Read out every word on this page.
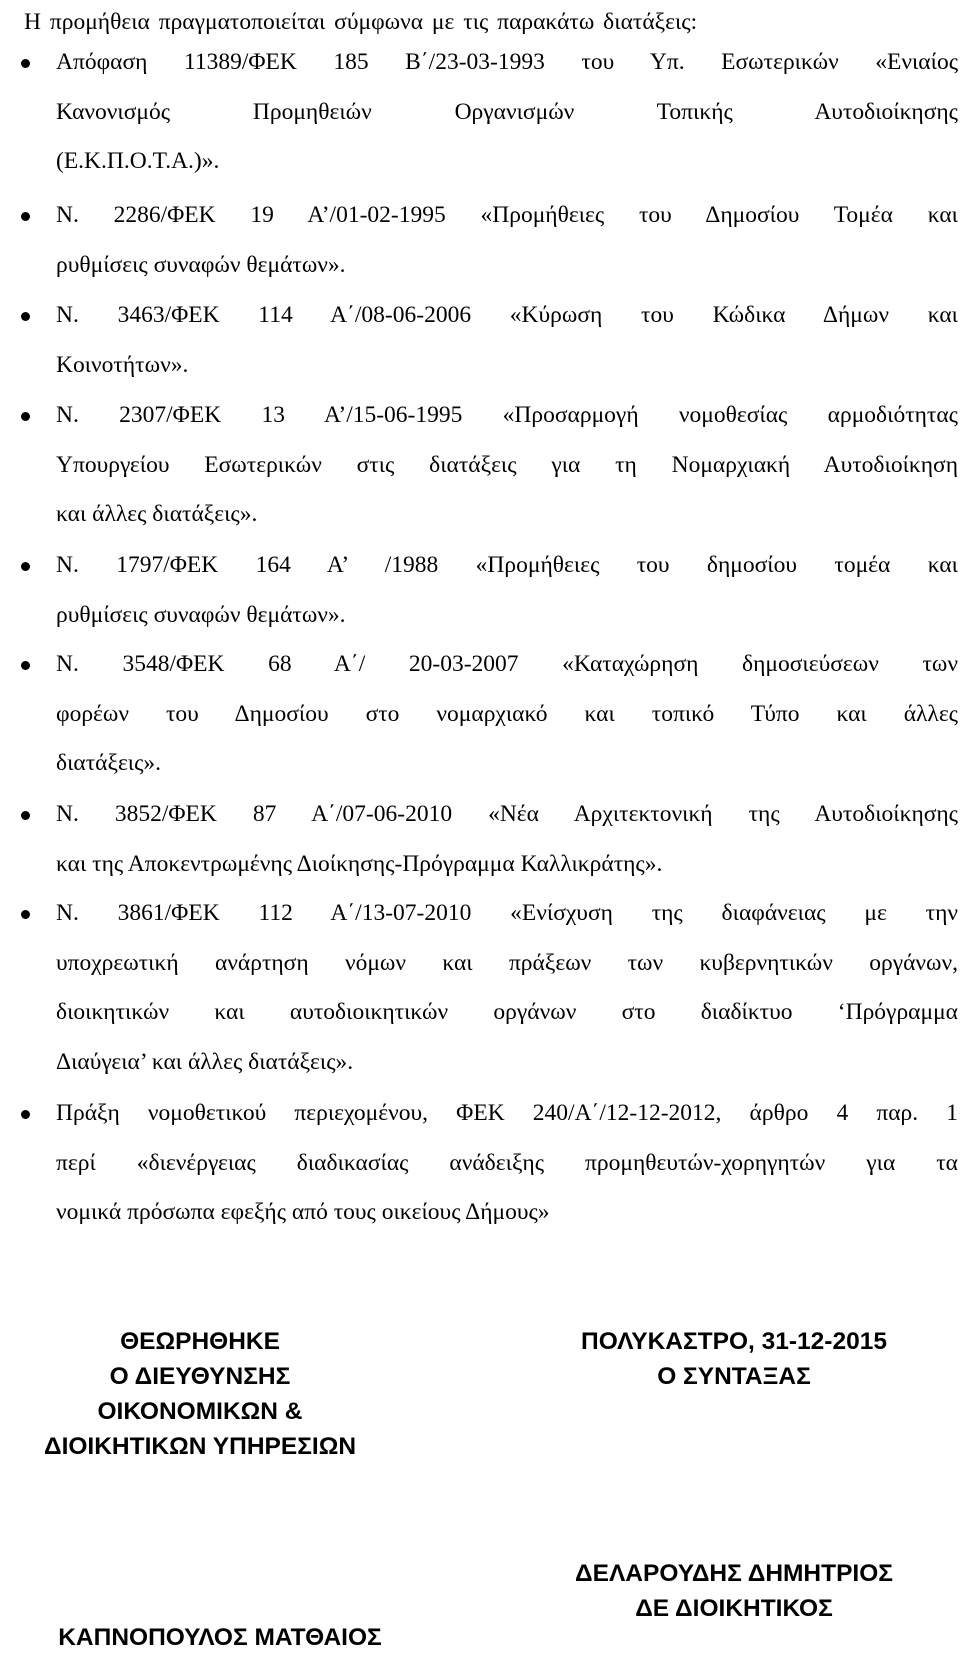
Η προμήθεια πραγματοποιείται σύμφωνα με τις παρακάτω διατάξεις:
Απόφαση 11389/ΦΕΚ 185 Β΄/23-03-1993 του Υπ. Εσωτερικών «Ενιαίος
Κανονισμός Προμηθειών Οργανισμών Τοπικής Αυτοδιοίκησης
(Ε.Κ.Π.Ο.Τ.Α.)».
Ν. 2286/ΦΕΚ 19 Α’/01-02-1995 «Προμήθειες του Δημοσίου Τομέα και
ρυθμίσεις συναφών θεμάτων».
Ν. 3463/ΦΕΚ 114 Α΄/08-06-2006 «Κύρωση του Κώδικα Δήμων και
Κοινοτήτων».
Ν. 2307/ΦΕΚ 13 Α’/15-06-1995 «Προσαρμογή νομοθεσίας αρμοδιότητας
Υπουργείου Εσωτερικών στις διατάξεις για τη Νομαρχιακή Αυτοδιοίκηση
και άλλες διατάξεις».
Ν. 1797/ΦΕΚ 164 Α’ /1988 «Προμήθειες του δημοσίου τομέα και
ρυθμίσεις συναφών θεμάτων».
Ν. 3548/ΦΕΚ 68 Α΄/ 20-03-2007 «Καταχώρηση δημοσιεύσεων των
φορέων του Δημοσίου στο νομαρχιακό και τοπικό Τύπο και άλλες
διατάξεις».
Ν. 3852/ΦΕΚ 87 Α΄/07-06-2010 «Νέα Αρχιτεκτονική της Αυτοδιοίκησης
και της Αποκεντρωμένης Διοίκησης-Πρόγραμμα Καλλικράτης».
Ν. 3861/ΦΕΚ 112 Α΄/13-07-2010 «Ενίσχυση της διαφάνειας με την
υποχρεωτική ανάρτηση νόμων και πράξεων των κυβερνητικών οργάνων,
διοικητικών και αυτοδιοικητικών οργάνων στο διαδίκτυο ‘Πρόγραμμα
Διαύγεια’ και άλλες διατάξεις».
Πράξη νομοθετικού περιεχομένου, ΦΕΚ 240/Α΄/12-12-2012, άρθρο 4 παρ. 1
περί «διενέργειας διαδικασίας ανάδειξης προμηθευτών-χορηγητών για τα
νομικά πρόσωπα εφεξής από τους οικείους Δήμους»
ΘΕΩΡΗΘΗΚΕ
Ο ΔΙΕΥΘΥΝΣΗΣ
ΟΙΚΟΝΟΜΙΚΩΝ &
ΔΙΟΙΚΗΤΙΚΩΝ ΥΠΗΡΕΣΙΩΝ
ΠΟΛΥΚΑΣΤΡΟ, 31-12-2015
Ο ΣΥΝΤΑΞΑΣ
ΔΕΛΑΡΟΥΔΗΣ ΔΗΜΗΤΡΙΟΣ
ΔΕ ΔΙΟΙΚΗΤΙΚΟΣ
ΚΑΠΝΟΠΟΥΛΟΣ ΜΑΤΘΑΙΟΣ
